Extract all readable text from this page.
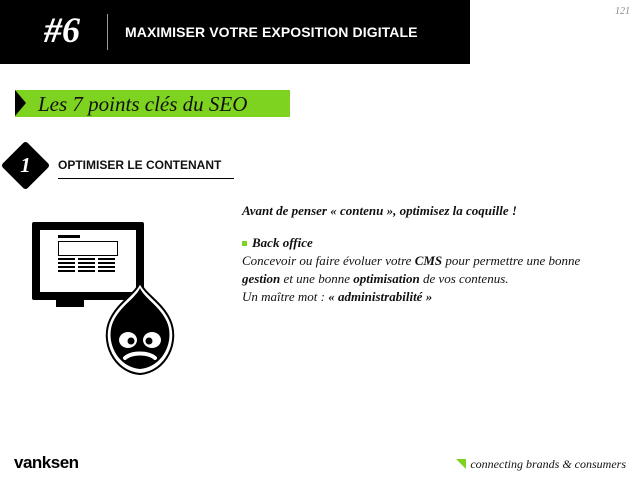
#6	MAXIMISER VOTRE EXPOSITION DIGITALE
121
Les 7 points clés du SEO
1	OPTIMISER LE CONTENANT

Avant de penser « contenu », optimisez la coquille !

Back office

Concevoir ou faire évoluer votre CMS pour permettre une bonne gestion et une bonne optimisation de vos contenus.

Un maître mot : « administrabilité »

vanksen	connecting brands & consumers
